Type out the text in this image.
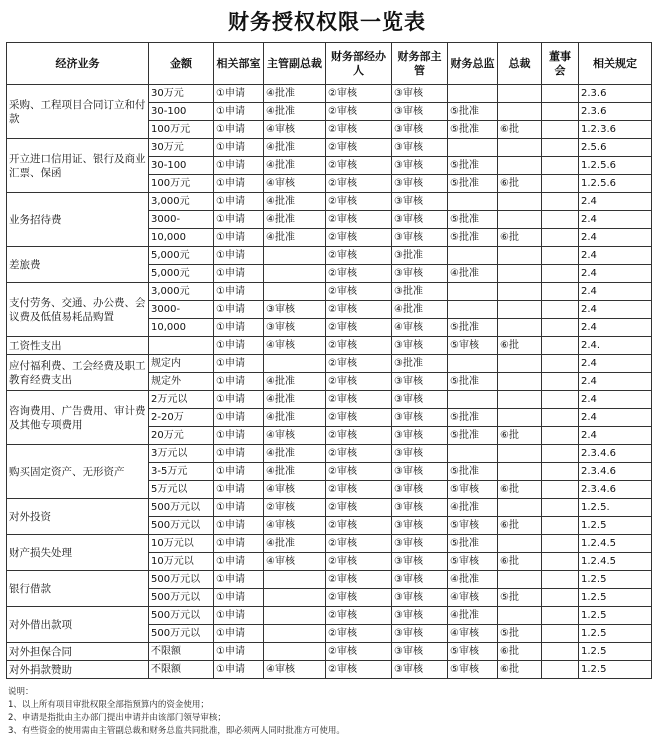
财务授权权限一览表
经济业务	金额	相关部室	主管副总裁	财务部经办人	财务部主管	财务总监	总裁	董事会	相关规定
采购、工程项目合同订立和付款	30万元	①申请	④批准	②审核	③审核				2.3.6
	30-100	①申请	④批准	②审核	③审核	⑤批准			2.3.6
	100万元	①申请	④审核	②审核	③审核	⑤批准	⑥批		1.2.3.6
开立进口信用证、银行及商业汇票、保函	30万元	①申请	④批准	②审核	③审核				2.5.6
	30-100	①申请	④批准	②审核	③审核	⑤批准			1.2.5.6
	100万元	①申请	④审核	②审核	③审核	⑤批准	⑥批		1.2.5.6
业务招待费	3,000元	①申请	④批准	②审核	③审核				2.4
	3000-	①申请	④批准	②审核	③审核	⑤批准			2.4
	10,000	①申请	④批准	②审核	③审核	⑤批准	⑥批		2.4
差旅费	5,000元	①申请		②审核	③批准				2.4
	5,000元	①申请		②审核	③审核	④批准			2.4
支付劳务、交通、办公费、会议费及低值易耗品购置	3,000元	①申请		②审核	③批准				2.4
	3000-	①申请	③审核	②审核	④批准				2.4
	10,000	①申请	③审核	②审核	④审核	⑤批准			2.4
工资性支出		①申请	④审核	②审核	③审核	⑤审核	⑥批		2.4.
应付福利费、工会经费及职工教育经费支出	规定内	①申请		②审核	③批准				2.4
	规定外	①申请	④批准	②审核	③审核	⑤批准			2.4
咨询费用、广告费用、审计费及其他专项费用	2万元以	①申请	④批准	②审核	③审核				2.4
	2-20万	①申请	④批准	②审核	③审核	⑤批准			2.4
	20万元	①申请	④审核	②审核	③审核	⑤批准	⑥批		2.4
购买固定资产、无形资产	3万元以	①申请	④批准	②审核	③审核				2.3.4.6
	3-5万元	①申请	④批准	②审核	③审核	⑤批准			2.3.4.6
	5万元以	①申请	④审核	②审核	③审核	⑤审核	⑥批		2.3.4.6
对外投资	500万元以	①申请	②审核	②审核	③审核	④批准			1.2.5.
	500万元以	①申请	④审核	②审核	③审核	⑤审核	⑥批		1.2.5
财产损失处理	10万元以	①申请	④批准	②审核	③审核	⑤批准			1.2.4.5
	10万元以	①申请	④审核	②审核	③审核	⑤审核	⑥批		1.2.4.5
银行借款	500万元以	①申请		②审核	③审核	④批准			1.2.5
	500万元以	①申请		②审核	③审核	④审核	⑤批		1.2.5
对外借出款项	500万元以	①申请		②审核	③审核	④批准			1.2.5
	500万元以	①申请		②审核	③审核	④审核	⑤批		1.2.5
对外担保合同	不限额	①申请		②审核	③审核	⑤审核	⑥批		1.2.5
对外捐款赞助	不限额	①申请	④审核	②审核	③审核	⑤审核	⑥批		1.2.5
说明：
1、以上所有项目审批权限全部指预算内的资金使用；
2、申请是指批由主办部门提出申请并由该部门领导审核；
3、有些资金的使用需由主管副总裁和财务总监共同批准，即必须两人同时批准方可使用。
